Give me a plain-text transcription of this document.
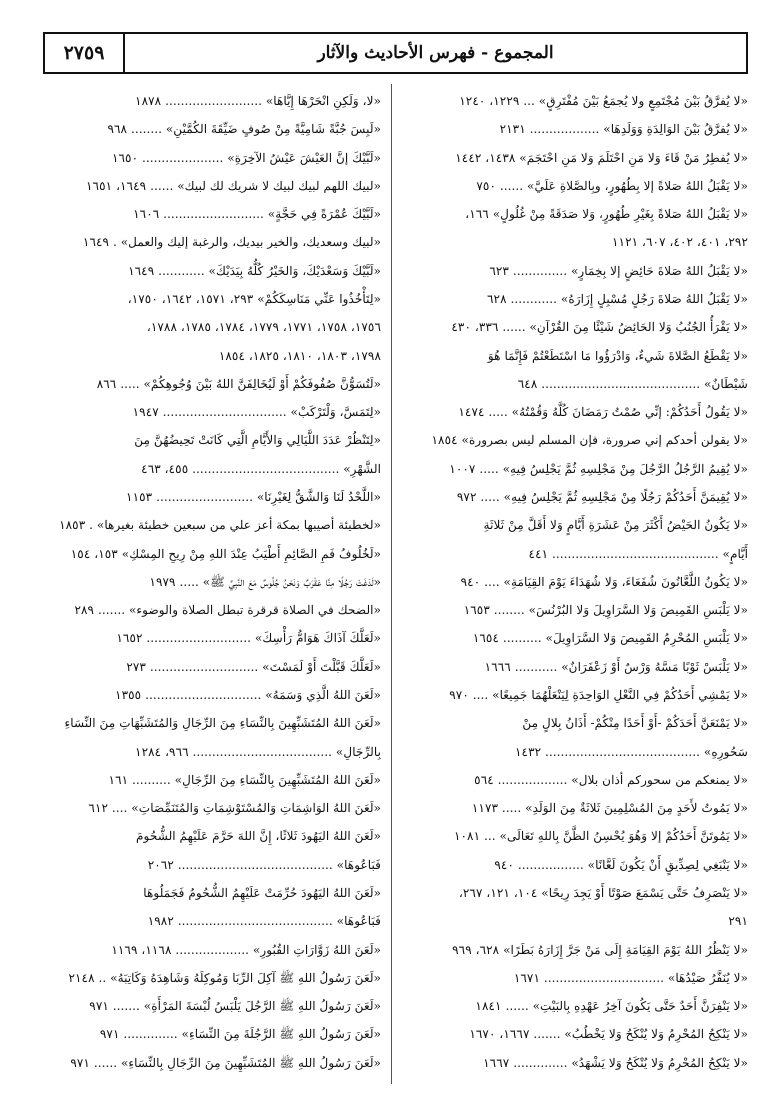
٢٧٥٩	المجموع - فهرس الأحاديث والآثار
«لا يُفرَّقُ بَيْنَ مُجْتَمِعٍ ولا يُجمَعُ بَيْنَ مُفْتَرِقٍ» ... ١٢٢٩، ١٢٤٠
«لا يُفرَّقُ بَيْنَ الوَالِدَةِ وَوَلَدِهَا» .................. ٢١٣١
«لا يُفطِرُ مَنْ قَاءَ وَلا مَنِ احْتَلَمَ وَلا مَنِ احْتَجَمَ» ١٤٣٨، ١٤٤٢
«لا يَقْبَلُ اللهُ صَلاةً إلا بِطُهُورٍ، وبِالصَّلاةِ عَلَيَّ» ...... ٧٥٠
«لا يَقْبَلُ اللهُ صَلاةً بِغَيْرِ طُهُورٍ، وَلا صَدَقَةً مِنْ غُلُولٍ» ١٦٦،
٢٩٢، ٤٠١، ٤٠٢، ٦٠٧، ١١٢١
«لا يَقْبَلُ اللهُ صَلاةَ حَائِضٍ إلا بِخِمَارٍ» .............. ٦٢٣
«لا يَقْبَلُ اللهُ صَلاةَ رَجُلٍ مُسْبِلٍ إِزَارَهُ» ............ ٦٢٨
«لا يَقْرَأُ الجُنُبُ وَلا الحَائِضُ شَيْئًا مِنَ القُرْآنِ» ...... ٣٣٦، ٤٣٠
«لا يَقْطَعُ الصَّلاةَ شَيءٌ، وَادْرَؤُوا مَا اسْتَطَعْتُمْ فَإِنَّمَا هُوَ
شَيْطَانٌ» ......................................... ٦٤٨
«لا يَقُولُ أَحَدُكُمْ: إنِّي صُمْتُ رَمَضَانَ كُلَّهُ وَقُمْتُهُ» ..... ١٤٧٤
«لا يقولن أحدكم إني صرورة، فإن المسلم ليس بصرورة» ١٨٥٤
«لا يُقِيمُ الرَّجُلُ الرَّجُلَ مِنْ مَجْلِسِهِ ثُمَّ يَجْلِسُ فِيهِ» ..... ١٠٠٧
«لا يُقِيمَنَّ أَحَدُكُمْ رَجُلًا مِنْ مَجْلِسِهِ ثُمَّ يَجْلِسُ فِيهِ» ..... ٩٧٢
«لا يَكُونُ الحَيْضُ أَكْثَرَ مِنْ عَشَرَةِ أَيَّامٍ وَلا أَقَلَّ مِنْ ثَلاثَةِ
أَيَّامٍ» ........................................... ٤٤١
«لا يَكُونُ اللَّعَّانُونَ شُفَعَاءَ، وَلا شُهَدَاءَ يَوْمَ القِيَامَةِ» .... ٩٤٠
«لا يَلْبَسِ القَمِيصَ وَلا السَّرَاوِيلَ وَلا البُرْنُسَ» ........ ١٦٥٣
«لا يَلْبَسِ المُحْرِمُ القَمِيصَ وَلا السَّرَاوِيلَ» .......... ١٦٥٤
«لا يَلْبَسْ ثَوْبًا مَسَّهُ وَرْسٌ أَوْ زَعْفَرَانٌ» ........... ١٦٦٦
«لا يَمْشِي أَحَدُكُمْ فِي النَّعْلِ الوَاحِدَةِ لِيَنْعَلْهُمَا جَمِيعًا» .... ٩٧٠
«لا يَمْنَعَنَّ أَحَدَكُمْ -أَوْ أَحَدًا مِنْكُمْ- أَذَانُ بِلالٍ مِنْ
سَحُورِهِ» ........................................ ١٤٣٢
«لا يمنعكم من سحوركم أذان بلال» .................. ٥٦٤
«لا يَمُوتُ لأَحَدٍ مِنَ المُسْلِمِينَ ثَلاثَةٌ مِنَ الوَلَدِ» ..... ١١٧٣
«لا يَمُوتَنَّ أَحَدُكُمْ إلا وَهُوَ يُحْسِنُ الظَّنَّ بِاللهِ تَعَالَى» ... ١٠٨١
«لا يَنْبَغِي لِصِدِّيقٍ أَنْ يَكُونَ لَعَّانًا» ................. ٩٤٠
«لا يَنْصَرِفُ حَتَّى يَسْمَعَ صَوْتًا أَوْ يَجِدَ رِيحًا» ١٠٤، ١٢١، ٢٦٧،
٢٩١
«لا يَنْظُرُ اللهُ يَوْمَ القِيَامَةِ إِلَى مَنْ جَرَّ إِزَارَهُ بَطَرًا» ٦٢٨، ٩٦٩
«لا يُنَفَّرُ صَيْدُهَا» ............................... ١٦٧١
«لا يَنْفِرَنَّ أَحَدٌ حَتَّى يَكُونَ آخِرُ عَهْدِهِ بِالبَيْتِ» ...... ١٨٤١
«لا يَنْكِحُ المُحْرِمُ وَلا يُنْكَحُ وَلا يَخْطُبُ» ....... ١٦٦٧، ١٦٧٠
«لا يَنْكِحُ المُحْرِمُ وَلا يُنْكَحُ وَلا يَشْهَدُ» .............. ١٦٦٧
«لا، وَلَكِنِ انْحَرْهَا إِيَّاهَا» ......................... ١٨٧٨
«لَبِسَ جُبَّةً شَامِيَّةً مِنْ صُوفٍ ضَيِّقَةَ الكُمَّيْنِ» ........ ٩٦٨
«لَبَّيْكَ إنَّ العَيْشَ عَيْشُ الآخِرَةِ» ..................... ١٦٥٠
«لبيك اللهم لبيك لبيك لا شريك لك لبيك» ...... ١٦٤٩، ١٦٥١
«لَبَّيْكَ عُمْرَةً فِي حَجَّةٍ» .......................... ١٦٠٦
«لبيك وسعديك، والخير بيديك، والرغبة إليك والعمل» . ١٦٤٩
«لَبَّيْكَ وَسَعْدَيْكَ، وَالخَيْرُ كُلُّهُ بِيَدَيْكَ» ............ ١٦٤٩
«لِتَأْخُذُوا عَنِّي مَنَاسِكَكُمْ» ٢٩٣، ١٥٧١، ١٦٤٢، ١٧٥٠،
١٧٥٦، ١٧٥٨، ١٧٧١، ١٧٧٩، ١٧٨٤، ١٧٨٥، ١٧٨٨،
١٧٩٨، ١٨٠٣، ١٨١٠، ١٨٢٥، ١٨٥٤
«لَتُسَوُّنَّ صُفُوفَكُمْ أَوْ لَيُخَالِفَنَّ اللهُ بَيْنَ وُجُوهِكُمْ» ..... ٨٦٦
«لِتَمَسَّ، وَلْتَرْكَبْ» ................................ ١٩٤٧
«لِتَنْظُرْ عَدَدَ اللَّيَالِي وَالأَيَّامِ الَّتِي كَانَتْ تَحِيضُهُنَّ مِنَ
الشَّهْرِ» ...................................... ٤٥٥، ٤٦٣
«اللَّحْدُ لَنَا وَالشَّقُّ لِغَيْرِنَا» ......................... ١١٥٣
«لخطيئة أصيبها بمكة أعز علي من سبعين خطيئة بغيرها» . ١٨٥٣
«لَخُلُوفُ فَمِ الصَّائِمِ أَطْيَبُ عِنْدَ اللهِ مِنْ رِيحِ المِسْكِ» ١٥٣، ١٥٤
«لَدَغَتْ رَجُلًا مِنَّا عَقْرَبٌ وَنَحْنُ جُلُوسٌ مَعَ النَّبِيِّ ﷺ» ..... ١٩٧٩
«الضحك في الصلاة قرقرة تبطل الصلاة والوضوء» ....... ٢٨٩
«لَعَلَّكَ آذَاكَ هَوَامُّ رَأْسِكَ» ........................... ١٦٥٢
«لَعَلَّكَ قَبَّلْتَ أَوْ لَمَسْتَ» ............................ ٢٧٣
«لَعَنَ اللهُ الَّذِي وَسَمَهُ» .............................. ١٣٥٥
«لَعَنَ اللهُ المُتَشَبِّهِينَ بِالنِّسَاءِ مِنَ الرِّجَالِ وَالمُتَشَبِّهَاتِ مِنَ النِّسَاءِ
بِالرِّجَالِ» .................................... ٩٦٦، ١٢٨٤
«لَعَنَ اللهُ المُتَشَبِّهِينَ بِالنِّسَاءِ مِنَ الرِّجَالِ» .......... ١٦١
«لَعَنَ اللهُ الوَاشِمَاتِ وَالمُسْتَوْشِمَاتِ وَالمُتَنَمِّصَاتِ» .... ٦١٢
«لَعَنَ اللهُ اليَهُودَ ثَلاثًا، إِنَّ اللهَ حَرَّمَ عَلَيْهِمُ الشُّحُومَ
فَبَاعُوهَا» ........................................ ٢٠٦٢
«لَعَنَ اللهُ اليَهُودَ حُرِّمَتْ عَلَيْهِمُ الشُّحُومُ فَجَمَلُوهَا
فَبَاعُوهَا» ........................................ ١٩٨٢
«لَعَنَ اللهُ زَوَّارَاتِ القُبُورِ» ................... ١١٦٨، ١١٦٩
«لَعَنَ رَسُولُ اللهِ ﷺ آكِلَ الرِّبَا وَمُوكِلَهُ وَشَاهِدَهُ وَكَاتِبَهُ» .. ٢١٤٨
«لَعَنَ رَسُولُ اللهِ ﷺ الرَّجُلَ يَلْبَسُ لُبْسَةَ المَرْأَةِ» ....... ٩٧١
«لَعَنَ رَسُولُ اللهِ ﷺ الرَّجُلَةَ مِنَ النِّسَاءِ» .............. ٩٧١
«لَعَنَ رَسُولُ اللهِ ﷺ المُتَشَبِّهِينَ مِنَ الرِّجَالِ بِالنِّسَاءِ» ...... ٩٧١
